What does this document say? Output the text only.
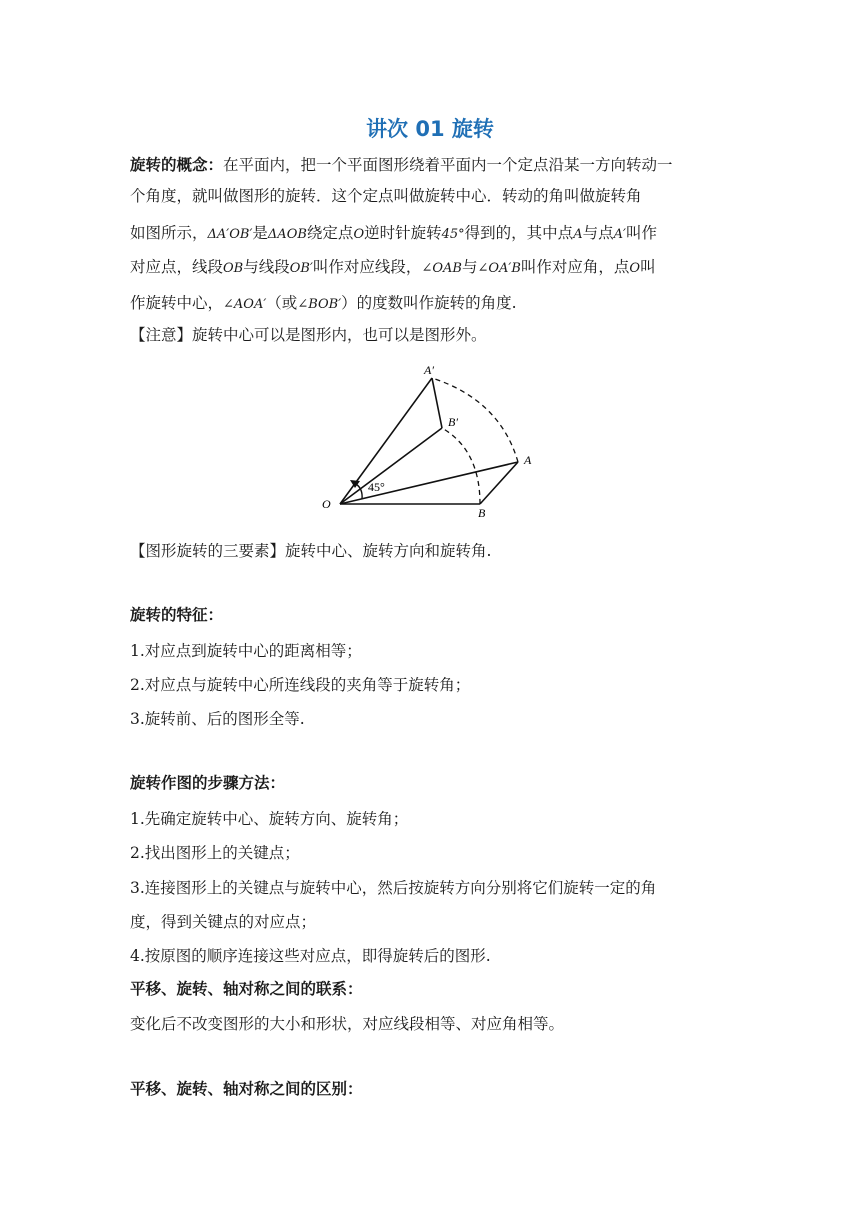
讲次 01 旋转
旋转的概念：在平面内，把一个平面图形绕着平面内一个定点沿某一方向转动一
个角度，就叫做图形的旋转．这个定点叫做旋转中心．转动的角叫做旋转角
如图所示，ΔA′OB′是ΔAOB绕定点O逆时针旋转45°得到的，其中点A与点A′叫作
对应点，线段OB与线段OB′叫作对应线段，∠OAB与∠OA′B叫作对应角，点O叫
作旋转中心，∠AOA′（或∠BOB′）的度数叫作旋转的角度.
【注意】旋转中心可以是图形内，也可以是图形外。
45°
A′
B′
A
B
O
【图形旋转的三要素】旋转中心、旋转方向和旋转角.
旋转的特征：
1.对应点到旋转中心的距离相等；
2.对应点与旋转中心所连线段的夹角等于旋转角；
3.旋转前、后的图形全等.
旋转作图的步骤方法：
1.先确定旋转中心、旋转方向、旋转角；
2.找出图形上的关键点；
3.连接图形上的关键点与旋转中心，然后按旋转方向分别将它们旋转一定的角
度，得到关键点的对应点；
4.按原图的顺序连接这些对应点，即得旋转后的图形.
平移、旋转、轴对称之间的联系：
变化后不改变图形的大小和形状，对应线段相等、对应角相等。
平移、旋转、轴对称之间的区别：
